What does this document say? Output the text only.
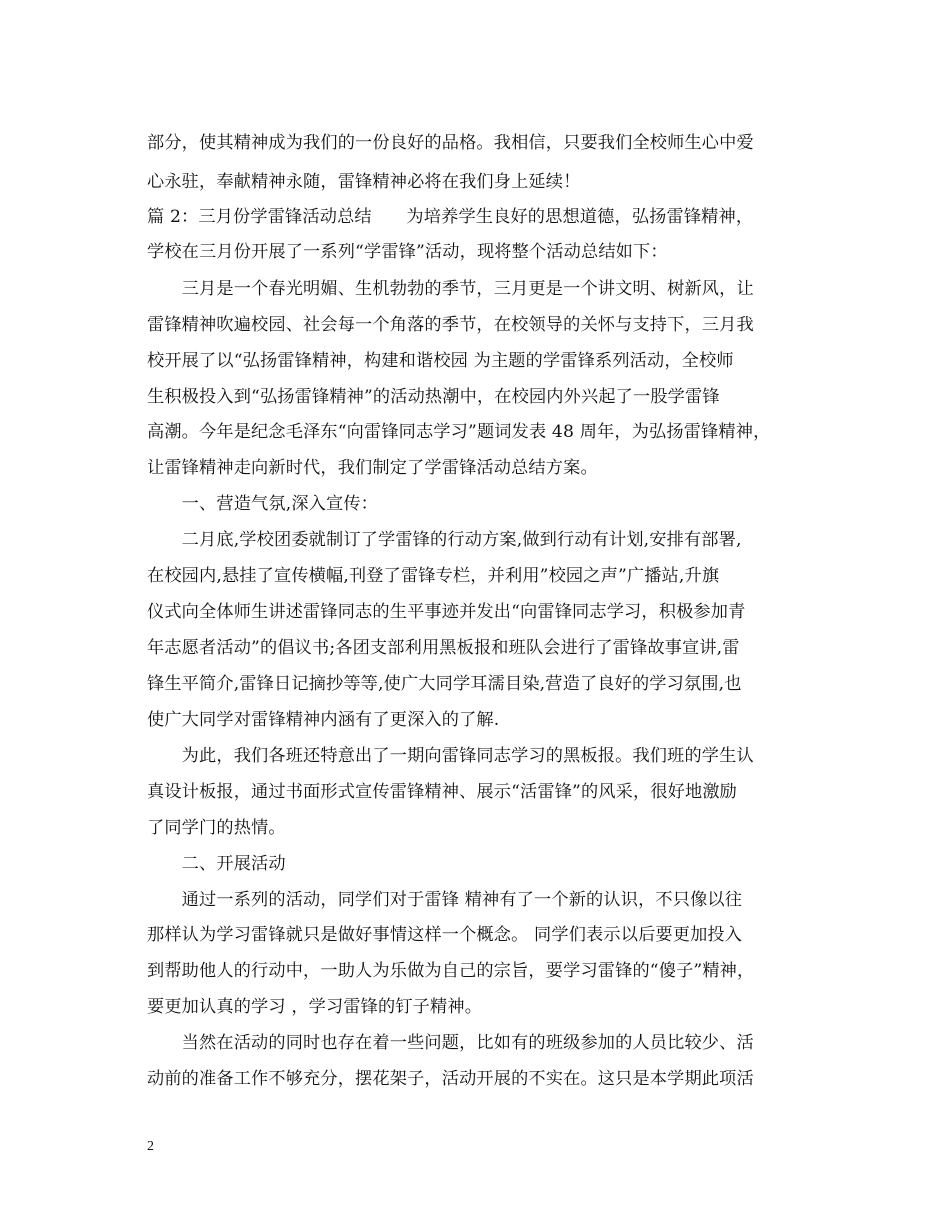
部分，使其精神成为我们的一份良好的品格。我相信，只要我们全校师生心中爱
心永驻，奉献精神永随，雷锋精神必将在我们身上延续！
篇 2：三月份学雷锋活动总结　　为培养学生良好的思想道德，弘扬雷锋精神，
学校在三月份开展了一系列“学雷锋”活动，现将整个活动总结如下：
　　三月是一个春光明媚、生机勃勃的季节，三月更是一个讲文明、树新风，让
雷锋精神吹遍校园、社会每一个角落的季节，在校领导的关怀与支持下，三月我
校开展了以“弘扬雷锋精神，构建和谐校园 为主题的学雷锋系列活动，全校师
生积极投入到“弘扬雷锋精神”的活动热潮中，在校园内外兴起了一股学雷锋
高潮。今年是纪念毛泽东“向雷锋同志学习”题词发表 48 周年，为弘扬雷锋精神，
让雷锋精神走向新时代，我们制定了学雷锋活动总结方案。
　　一、营造气氛,深入宣传：
　　二月底,学校团委就制订了学雷锋的行动方案,做到行动有计划,安排有部署,
在校园内,悬挂了宣传横幅,刊登了雷锋专栏，并利用”校园之声”广播站,升旗
仪式向全体师生讲述雷锋同志的生平事迹并发出“向雷锋同志学习，积极参加青
年志愿者活动”的倡议书;各团支部利用黑板报和班队会进行了雷锋故事宣讲,雷
锋生平简介,雷锋日记摘抄等等,使广大同学耳濡目染,营造了良好的学习氛围,也
使广大同学对雷锋精神内涵有了更深入的了解.
　　为此，我们各班还特意出了一期向雷锋同志学习的黑板报。我们班的学生认
真设计板报，通过书面形式宣传雷锋精神、展示“活雷锋”的风采，很好地激励
了同学门的热情。
　　二、开展活动
　　通过一系列的活动，同学们对于雷锋 精神有了一个新的认识，不只像以往
那样认为学习雷锋就只是做好事情这样一个概念。 同学们表示以后要更加投入
到帮助他人的行动中，一助人为乐做为自己的宗旨，要学习雷锋的“傻子”精神，
要更加认真的学习 ，学习雷锋的钉子精神。
　　当然在活动的同时也存在着一些问题，比如有的班级参加的人员比较少、活
动前的准备工作不够充分，摆花架子，活动开展的不实在。这只是本学期此项活
2
